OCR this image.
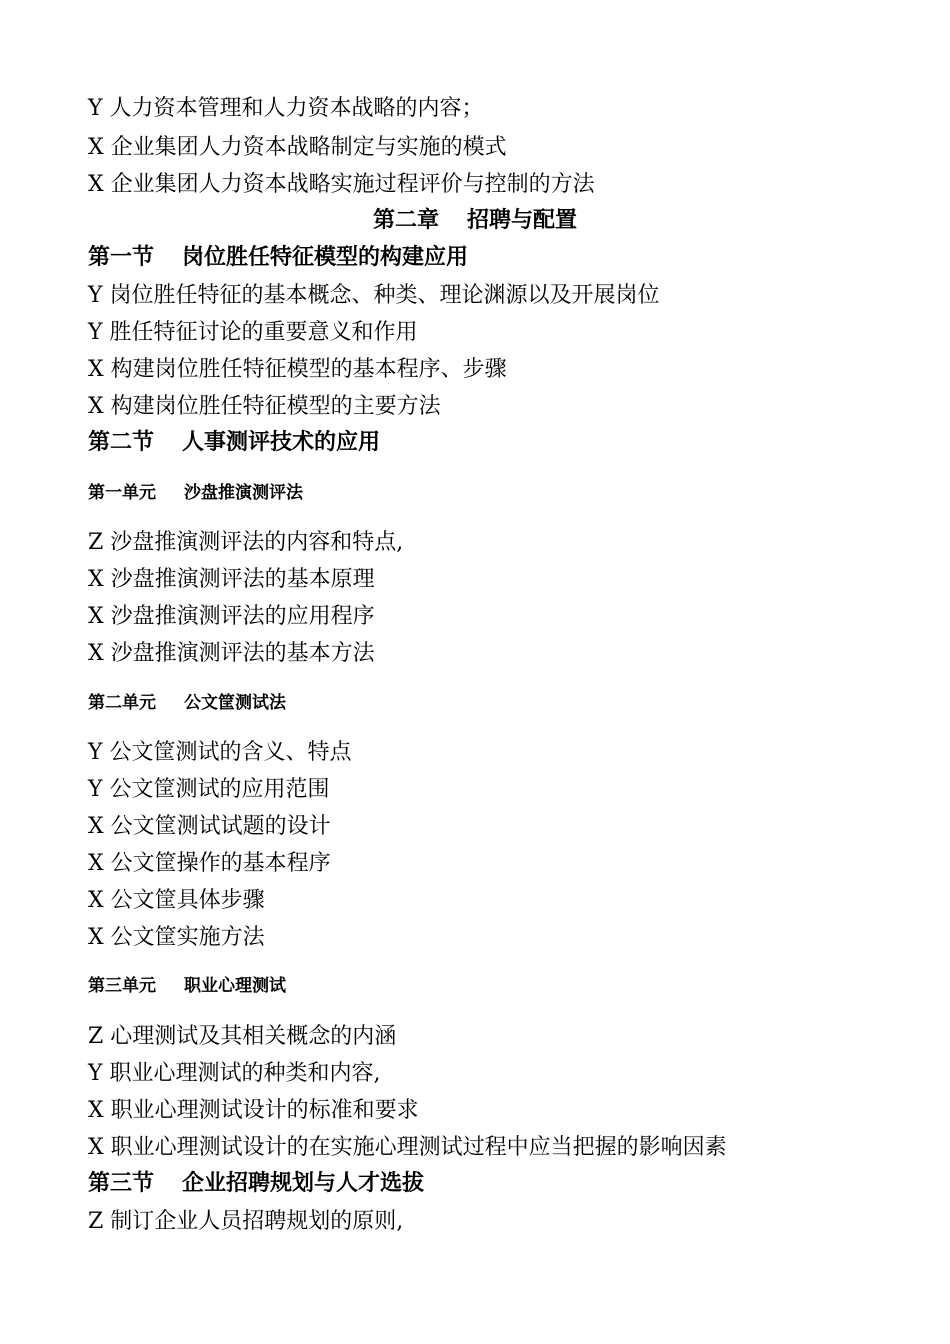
Y 人力资本管理和人力资本战略的内容；
X 企业集团人力资本战略制定与实施的模式
X 企业集团人力资本战略实施过程评价与控制的方法
第二章 招聘与配置
第一节 岗位胜任特征模型的构建应用
Y 岗位胜任特征的基本概念、种类、理论渊源以及开展岗位
Y 胜任特征讨论的重要意义和作用
X 构建岗位胜任特征模型的基本程序、步骤
X 构建岗位胜任特征模型的主要方法
第二节 人事测评技术的应用
第一单元 沙盘推演测评法
Z 沙盘推演测评法的内容和特点,
X 沙盘推演测评法的基本原理
X 沙盘推演测评法的应用程序
X 沙盘推演测评法的基本方法
第二单元 公文筐测试法
Y 公文筐测试的含义、特点
Y 公文筐测试的应用范围
X 公文筐测试试题的设计
X 公文筐操作的基本程序
X 公文筐具体步骤
X 公文筐实施方法
第三单元 职业心理测试
Z 心理测试及其相关概念的内涵
Y 职业心理测试的种类和内容,
X 职业心理测试设计的标准和要求
X 职业心理测试设计的在实施心理测试过程中应当把握的影响因素
第三节 企业招聘规划与人才选拔
Z 制订企业人员招聘规划的原则,
